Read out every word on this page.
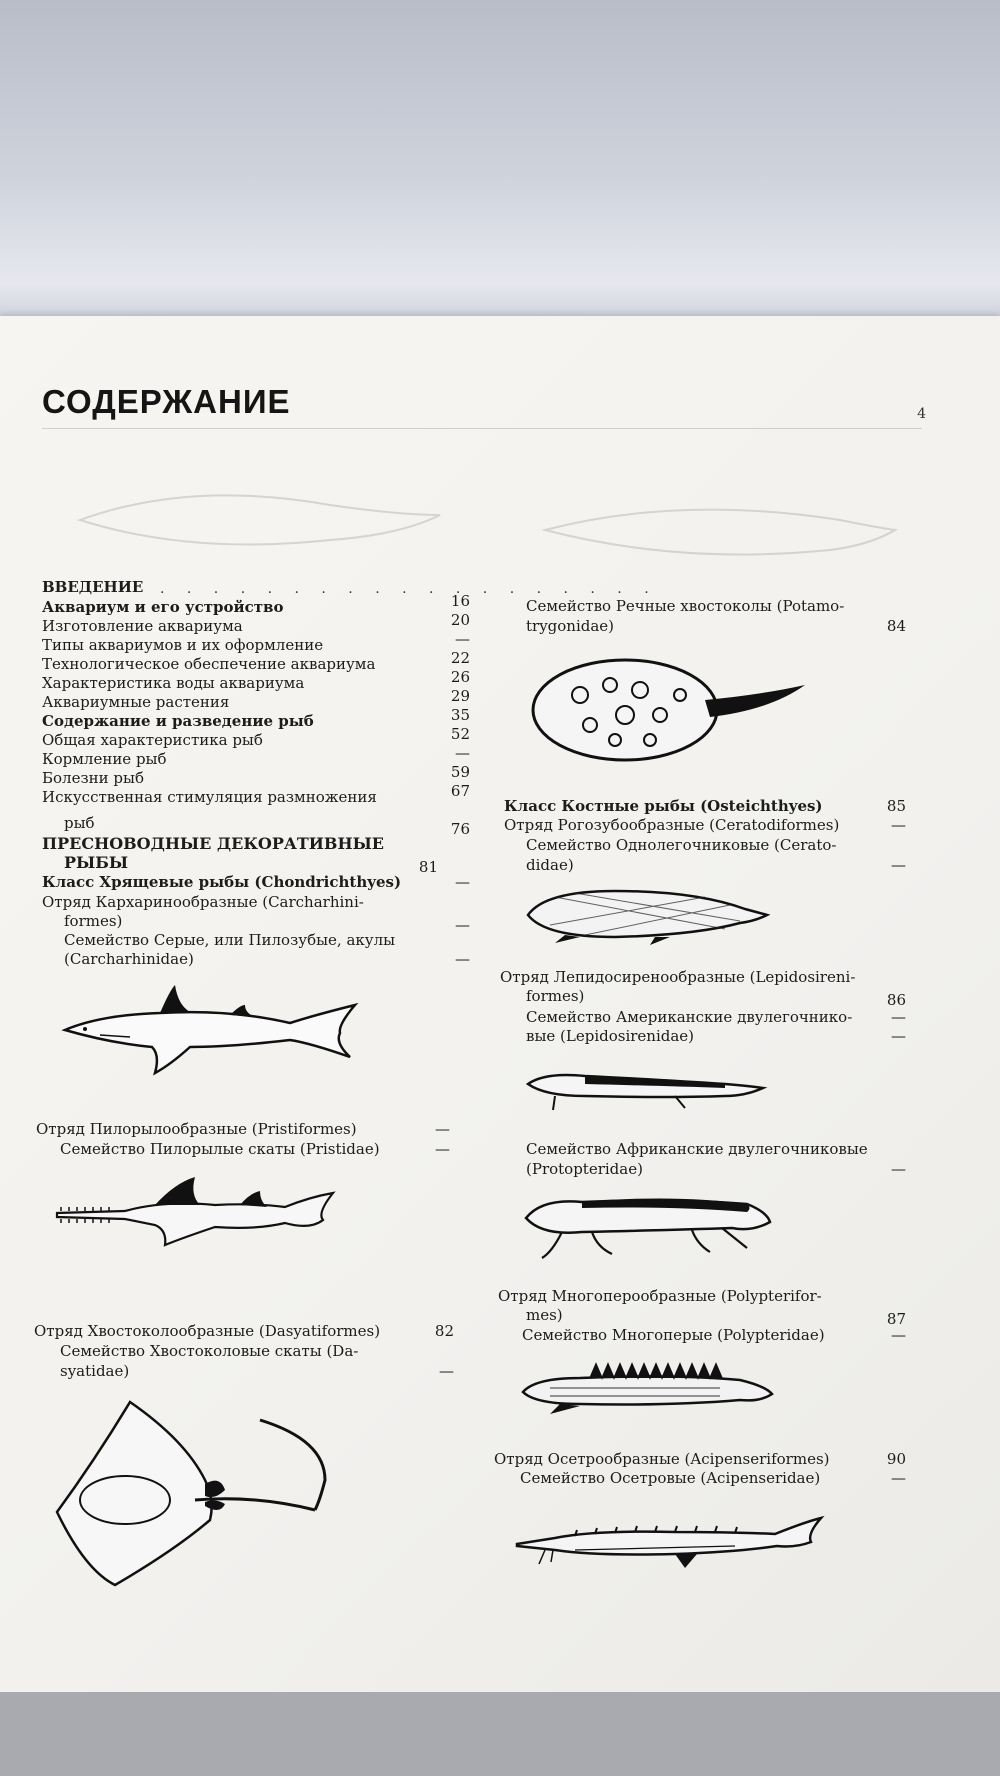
СОДЕРЖАНИЕ	4
ВВЕДЕНИЕ . . . . . . . . . . . . . . . . . . .
Аквариум и его устройство	16
Изготовление аквариума	20
Типы аквариумов и их оформление	—
Технологическое обеспечение аквариума	22
Характеристика воды аквариума	26
Аквариумные растения	29
Содержание и разведение рыб	35
Общая характеристика рыб	52
Кормление рыб	—
Болезни рыб	59
Искусственная стимуляция размножения	67
рыб	76
ПРЕСНОВОДНЫЕ ДЕКОРАТИВНЫЕ
РЫБЫ	81
Класс Хрящевые рыбы (Chondrichthyes)	—
Отряд Кархаринообразные (Carcharhini-
formes)	—
Семейство Серые, или Пилозубые, акулы
(Carcharhinidae)	—
Отряд Пилорылообразные (Pristiformes)	—
Семейство Пилорылые скаты (Pristidae)	—
Отряд Хвостоколообразные (Dasyatiformes)	82
Семейство Хвостоколовые скаты (Da-
syatidae)	—
Семейство Речные хвостоколы (Potamo-
trygonidae)	84
Класс Костные рыбы (Osteichthyes)	85
Отряд Рогозубообразные (Ceratodiformes)	—
Семейство Однолегочниковые (Cerato-
didae)	—
Отряд Лепидосиренообразные (Lepidosireni-
formes)	86
Семейство Американские двулегочнико-	—
вые (Lepidosirenidae)	—
Семейство Африканские двулегочниковые
(Protopteridae)	—
Отряд Многоперообразные (Polypterifor-
mes)	87
Семейство Многоперые (Polypteridae)	—
Отряд Осетрообразные (Acipenseriformes)	90
Семейство Осетровые (Acipenseridae)	—
